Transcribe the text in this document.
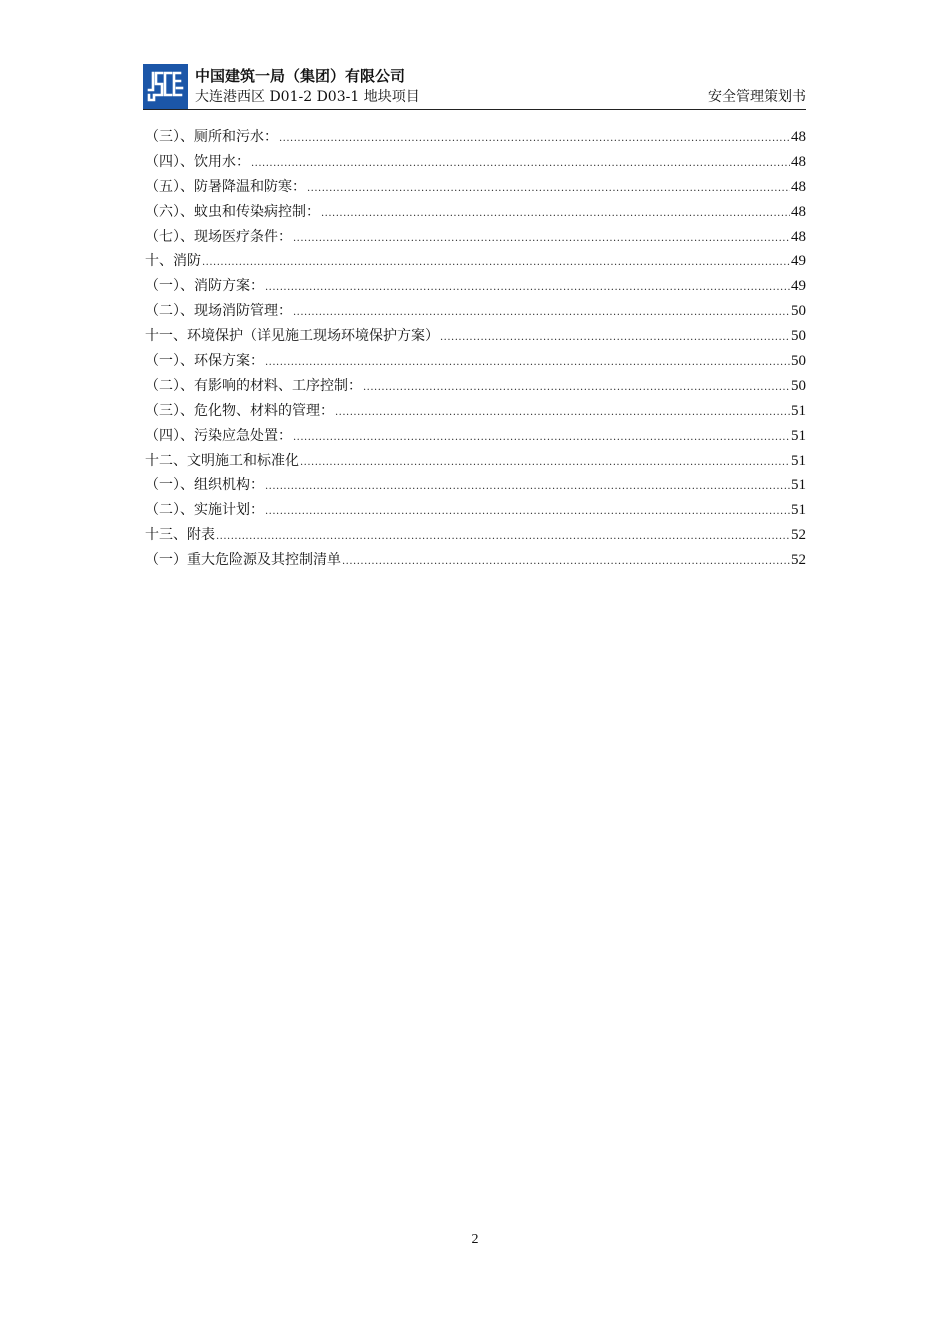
中国建筑一局（集团）有限公司
大连港西区 D01-2 D03-1 地块项目	安全管理策划书
（三）、厕所和污水： .....	48
（四）、饮用水： .....	48
（五）、防暑降温和防寒： .....	48
（六）、蚊虫和传染病控制： .....	48
（七）、现场医疗条件： .....	48
十、消防 .....	49
（一）、消防方案： .....	49
（二）、现场消防管理： .....	50
十一、环境保护（详见施工现场环境保护方案） .....	50
（一）、环保方案： .....	50
（二）、有影响的材料、工序控制： .....	50
（三）、危化物、材料的管理： .....	51
（四）、污染应急处置： .....	51
十二、文明施工和标准化 .....	51
（一）、组织机构： .....	51
（二）、实施计划： .....	51
十三、附表 .....	52
（一）重大危险源及其控制清单 .....	52
2
